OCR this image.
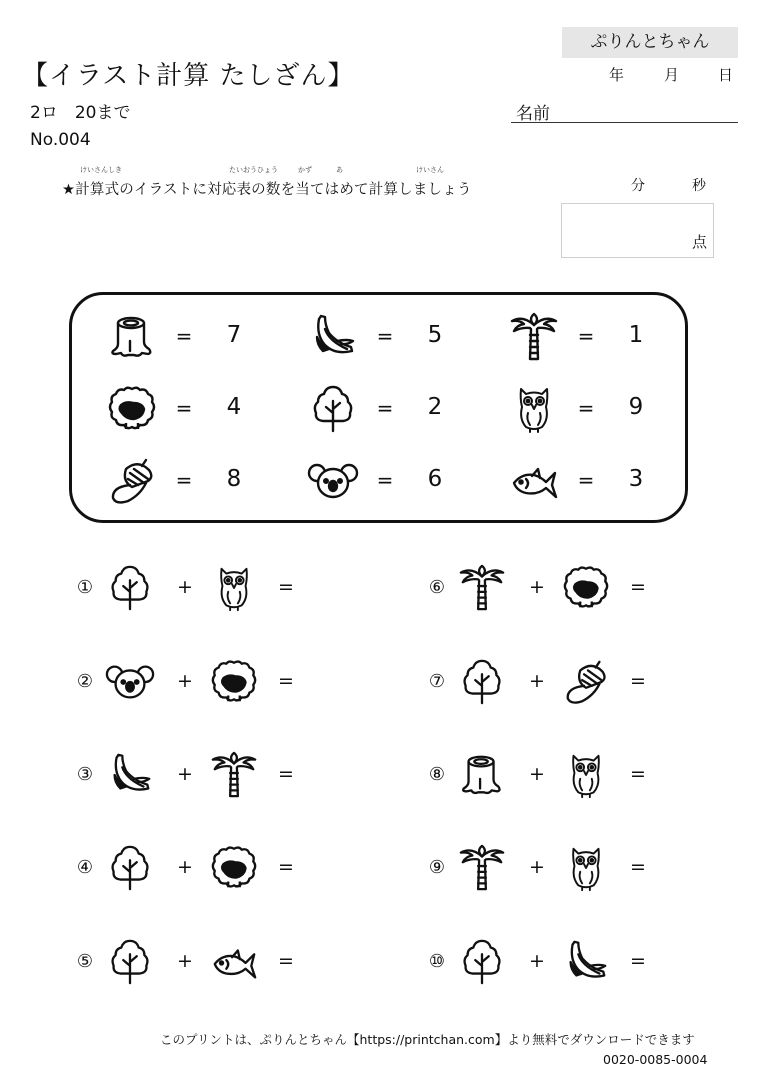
ぷりんとちゃん
年	月	日
【イラスト計算 たしざん】
2ロ　20まで
No.004
名前
けいさんしき	たいおうひょう	かず	あ	けいさん
★計算式のイラストに対応表の数を当てはめて計算しましょう	分	秒
点
=	7	=	5	=	1
=	4	=	2	=	9
=	8	=	6	=	3
①	+	=
②	+	=
③	+	=
④	+	=
⑤	+	=
⑥	+	=
⑦	+	=
⑧	+	=
⑨	+	=
⑩	+	=
このプリントは、ぷりんとちゃん【https://printchan.com】より無料でダウンロードできます
0020-0085-0004
